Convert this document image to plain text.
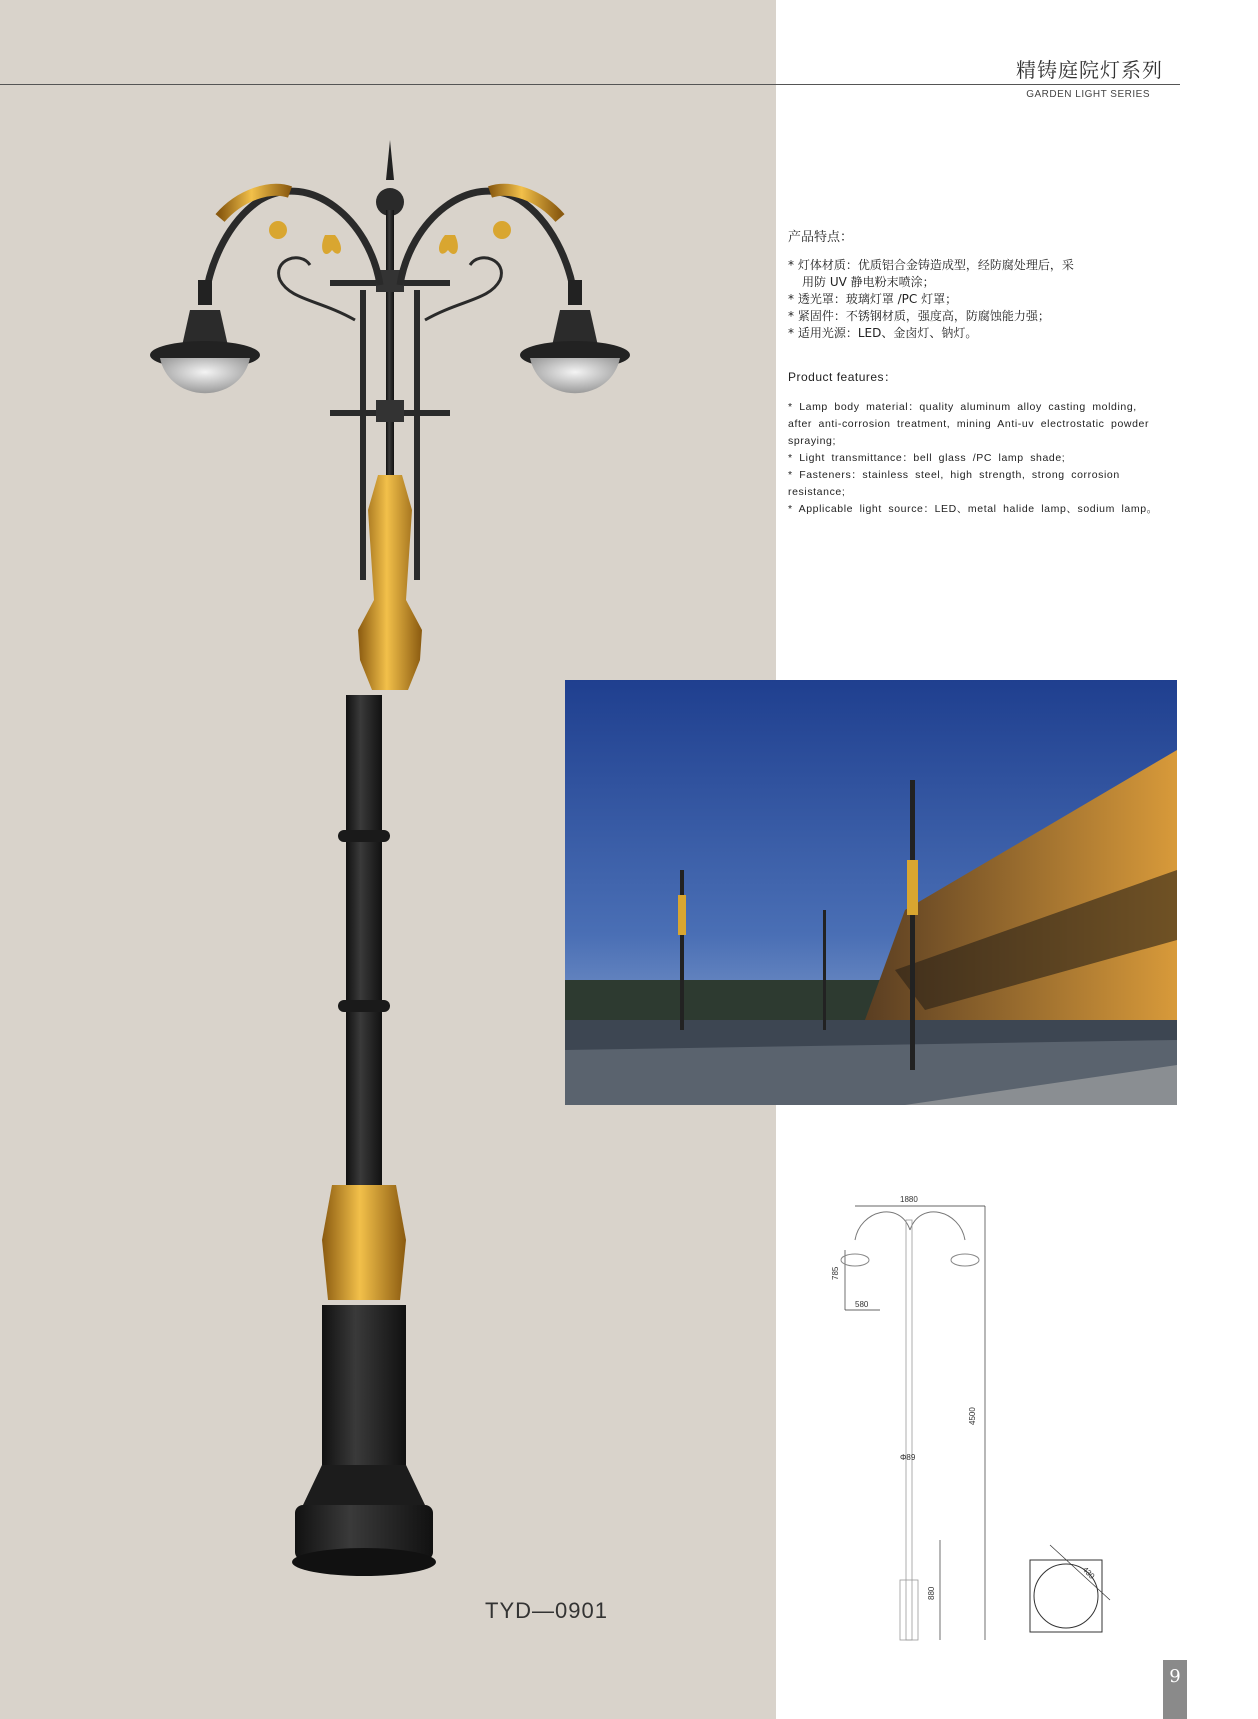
精铸庭院灯系列
GARDEN LIGHT SERIES
TYD—0901
产品特点：
* 灯体材质：优质铝合金铸造成型，经防腐处理后，采
用防 UV 静电粉末喷涂；
* 透光罩：玻璃灯罩 /PC 灯罩；
* 紧固件：不锈钢材质，强度高，防腐蚀能力强；
* 适用光源：LED、金卤灯、钠灯。
Product features：
* Lamp body material：quality aluminum alloy casting molding, after anti-corrosion treatment, mining Anti-uv electrostatic powder spraying;
* Light transmittance：bell glass /PC lamp shade;
* Fasteners：stainless steel, high strength, strong corrosion resistance;
* Applicable light source：LED、metal halide lamp、sodium lamp。
1880
4500
785
580
Φ89
880
430
9
